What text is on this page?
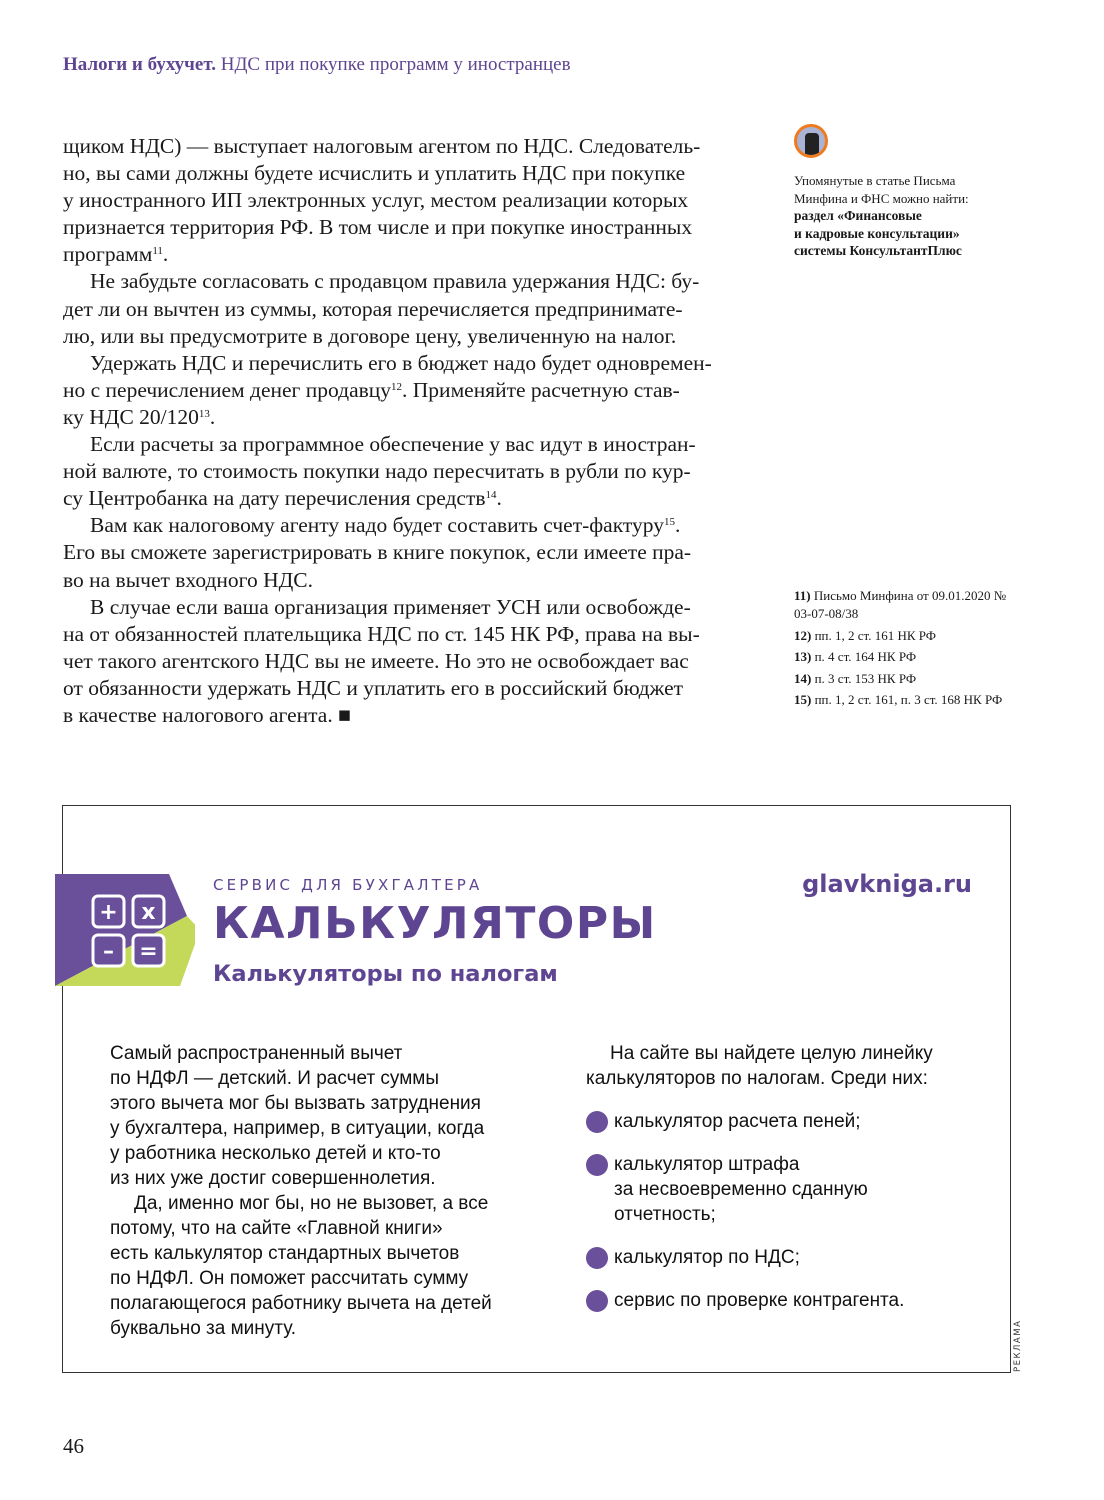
Налоги и бухучет. НДС при покупке программ у иностранцев
щиком НДС) — выступает налоговым агентом по НДС. Следователь-
но, вы сами должны будете исчислить и уплатить НДС при покупке
у иностранного ИП электронных услуг, местом реализации которых
признается территория РФ. В том числе и при покупке иностранных
программ$^{11}$.
Не забудьте согласовать с продавцом правила удержания НДС: бу-
дет ли он вычтен из суммы, которая перечисляется предпринимате-
лю, или вы предусмотрите в договоре цену, увеличенную на налог.
Удержать НДС и перечислить его в бюджет надо будет одновремен-
но с перечислением денег продавцу$^{12}$. Применяйте расчетную став-
ку НДС $20/120^{13}$.
Если расчеты за программное обеспечение у вас идут в иностран-
ной валюте, то стоимость покупки надо пересчитать в рубли по кур-
су Центробанка на дату перечисления средств$^{14}$.
Вам как налоговому агенту надо будет составить счет-фактуру$^{15}$.
Его вы сможете зарегистрировать в книге покупок, если имеете пра-
во на вычет входного НДС.
В случае если ваша организация применяет УСН или освобожде-
на от обязанностей плательщика НДС по ст. 145 НК РФ, права на вы-
чет такого агентского НДС вы не имеете. Но это не освобождает вас
от обязанности удержать НДС и уплатить его в российский бюджет
в качестве налогового агента. ■
Упомянутые в статье Письма
Минфина и ФНС можно найти:
раздел «Финансовые
и кадровые консультации»
системы КонсультантПлюс
11) Письмо Минфина от 09.01.2020 № 03-07-08/38
12) пп. 1, 2 ст. 161 НК РФ
13) п. 4 ст. 164 НК РФ
14) п. 3 ст. 153 НК РФ
15) пп. 1, 2 ст. 161, п. 3 ст. 168 НК РФ
+ x
– =
СЕРВИС ДЛЯ БУХГАЛТЕРА
КАЛЬКУЛЯТОРЫ
Калькуляторы по налогам
glavkniga.ru
Самый распространенный вычет
по НДФЛ — детский. И расчет суммы
этого вычета мог бы вызвать затруднения
у бухгалтера, например, в ситуации, когда
у работника несколько детей и кто-то
из них уже достиг совершеннолетия.
Да, именно мог бы, но не вызовет, а все
потому, что на сайте «Главной книги»
есть калькулятор стандартных вычетов
по НДФЛ. Он поможет рассчитать сумму
полагающегося работнику вычета на детей
буквально за минуту.
На сайте вы найдете целую линейку
калькуляторов по налогам. Среди них:
калькулятор расчета пеней;
калькулятор штрафа
за несвоевременно сданную
отчетность;
калькулятор по НДС;
сервис по проверке контрагента.
РЕКЛАМА
46
